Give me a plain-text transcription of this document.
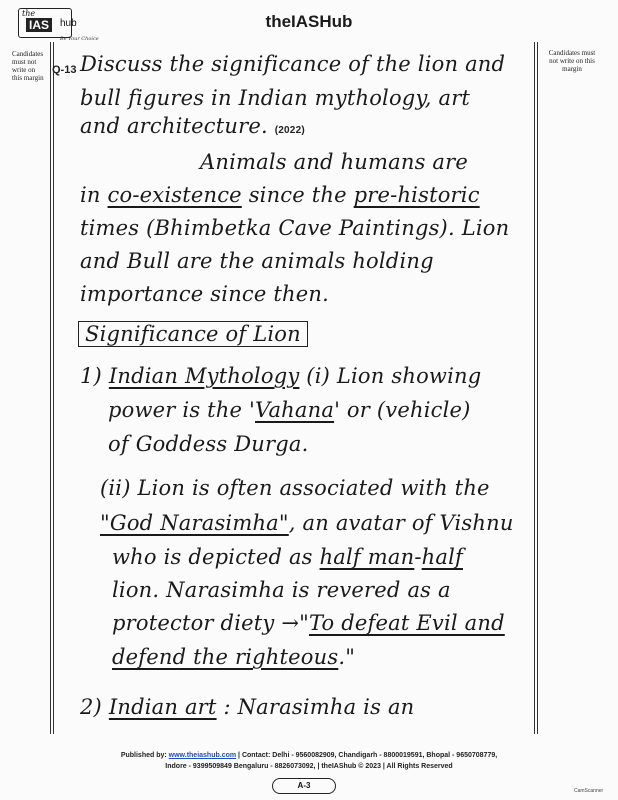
the
IAS	hub
Be Your Choice
theIASHub
Candidates must not write on this margin
Candidates must not write on this margin
Q-13 Discuss the significance of the lion and
bull figures in Indian mythology, art
and architecture. (2022)
Animals and humans are
in co-existence since the pre-historic
times (Bhimbetka Cave Paintings). Lion
and Bull are the animals holding
importance since then.
Significance of Lion
1) Indian Mythology (i) Lion showing
power is the 'Vahana' or (vehicle)
of Goddess Durga.
(ii) Lion is often associated with the
"God Narasimha", an avatar of Vishnu
who is depicted as half man-half
lion. Narasimha is revered as a
protector diety →"To defeat Evil and
defend the righteous."
2) Indian art : Narasimha is an
Published by: www.theiashub.com | Contact: Delhi - 9560082909, Chandigarh - 8800019591, Bhopal - 9650708779,
Indore - 9399509849 Bengaluru - 8826073092, | theIAShub © 2023 | All Rights Reserved
A-3
CamScanner
